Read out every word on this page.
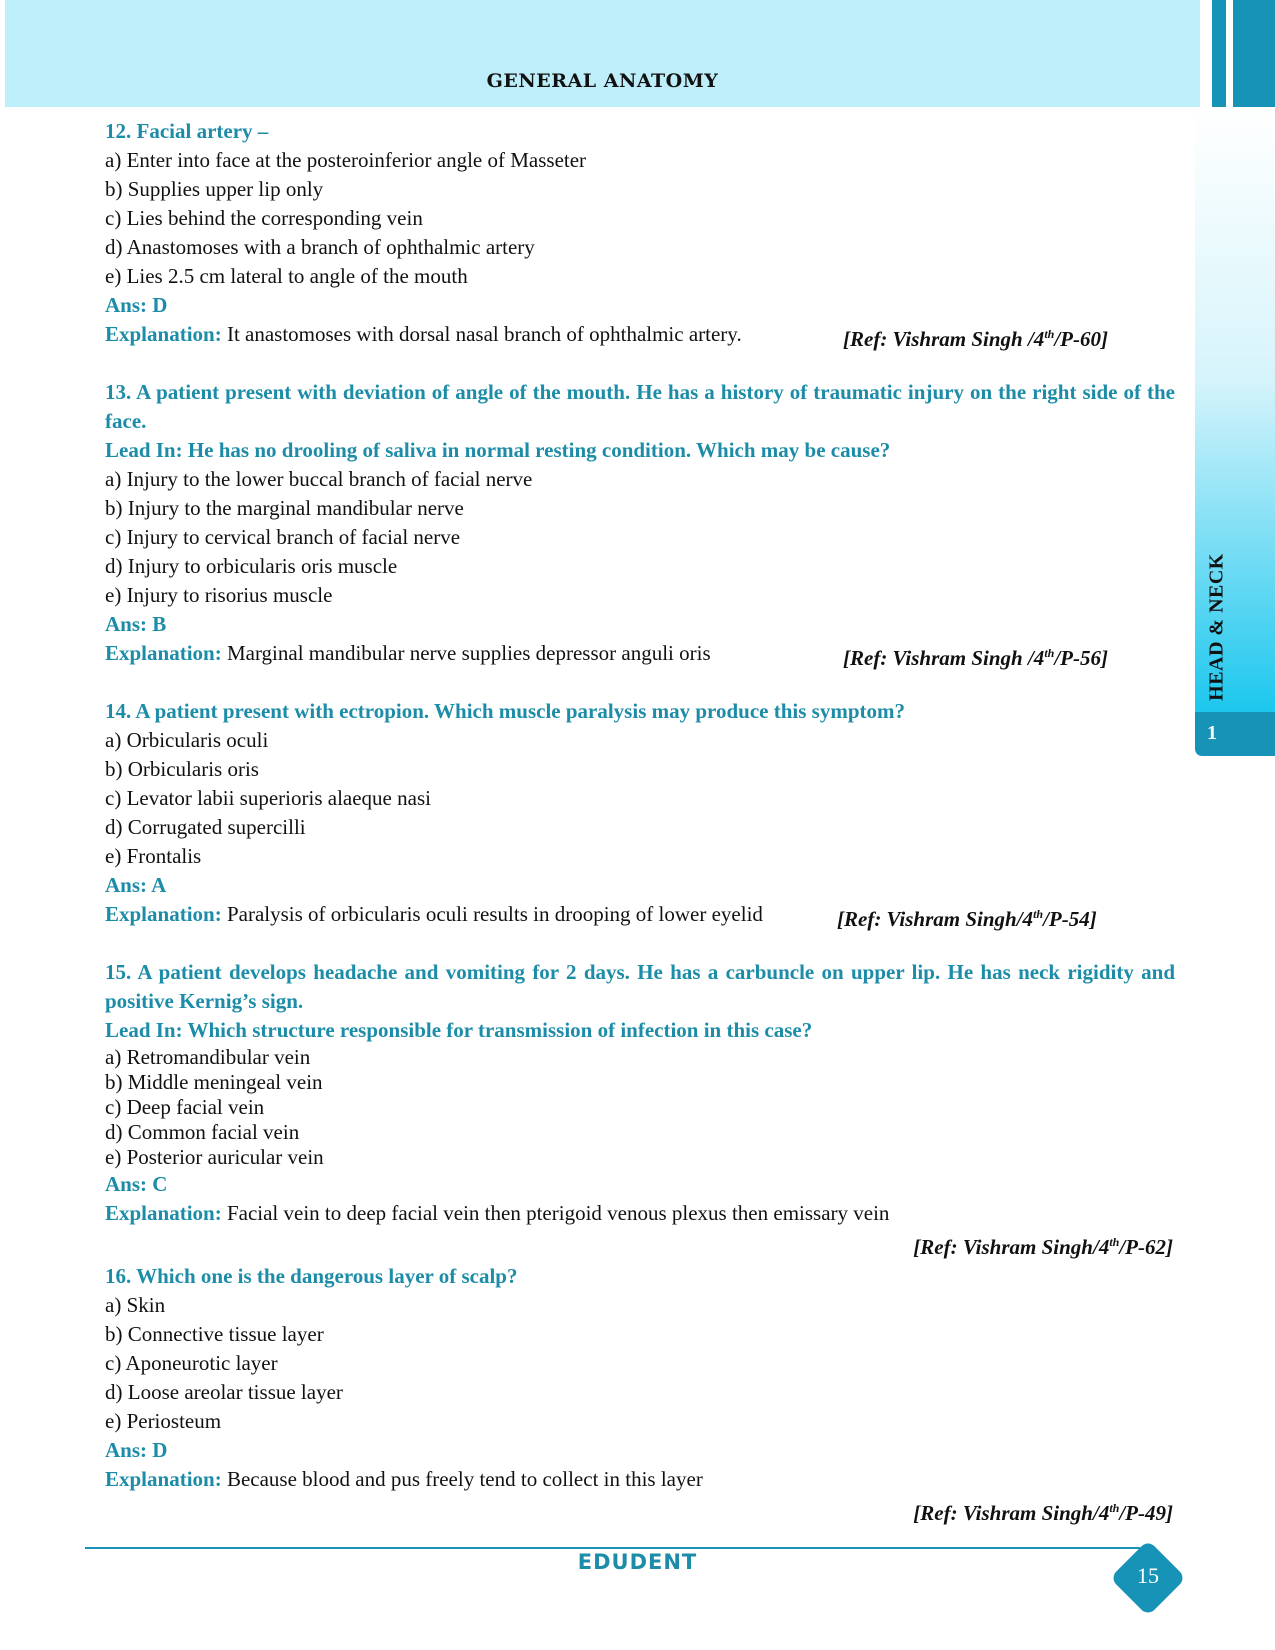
GENERAL ANATOMY
HEAD & NECK
1
12. Facial artery –
a) Enter into face at the posteroinferior angle of Masseter
b) Supplies upper lip only
c) Lies behind the corresponding vein
d) Anastomoses with a branch of ophthalmic artery
e) Lies 2.5 cm lateral to angle of the mouth
Ans: D
Explanation: It anastomoses with dorsal nasal branch of ophthalmic artery.	[Ref: Vishram Singh /4th/P-60]
13. A patient present with deviation of angle of the mouth. He has a history of traumatic injury on the right side of the face.
Lead In: He has no drooling of saliva in normal resting condition. Which may be cause?
a) Injury to the lower buccal branch of facial nerve
b) Injury to the marginal mandibular nerve
c) Injury to cervical branch of facial nerve
d) Injury to orbicularis oris muscle
e) Injury to risorius muscle
Ans: B
Explanation: Marginal mandibular nerve supplies depressor anguli oris	[Ref: Vishram Singh /4th/P-56]
14. A patient present with ectropion. Which muscle paralysis may produce this symptom?
a) Orbicularis oculi
b) Orbicularis oris
c) Levator labii superioris alaeque nasi
d) Corrugated supercilli
e) Frontalis
Ans: A
Explanation: Paralysis of orbicularis oculi results in drooping of lower eyelid	[Ref: Vishram Singh/4th/P-54]
15. A patient develops headache and vomiting for 2 days. He has a carbuncle on upper lip. He has neck rigidity and positive Kernig’s sign.
Lead In: Which structure responsible for transmission of infection in this case?
a) Retromandibular vein
b) Middle meningeal vein
c) Deep facial vein
d) Common facial vein
e) Posterior auricular vein
Ans: C
Explanation: Facial vein to deep facial vein then pterigoid venous plexus then emissary vein
[Ref: Vishram Singh/4th/P-62]
16. Which one is the dangerous layer of scalp?
a) Skin
b) Connective tissue layer
c) Aponeurotic layer
d) Loose areolar tissue layer
e) Periosteum
Ans: D
Explanation: Because blood and pus freely tend to collect in this layer
[Ref: Vishram Singh/4th/P-49]
EDUDENT
15
